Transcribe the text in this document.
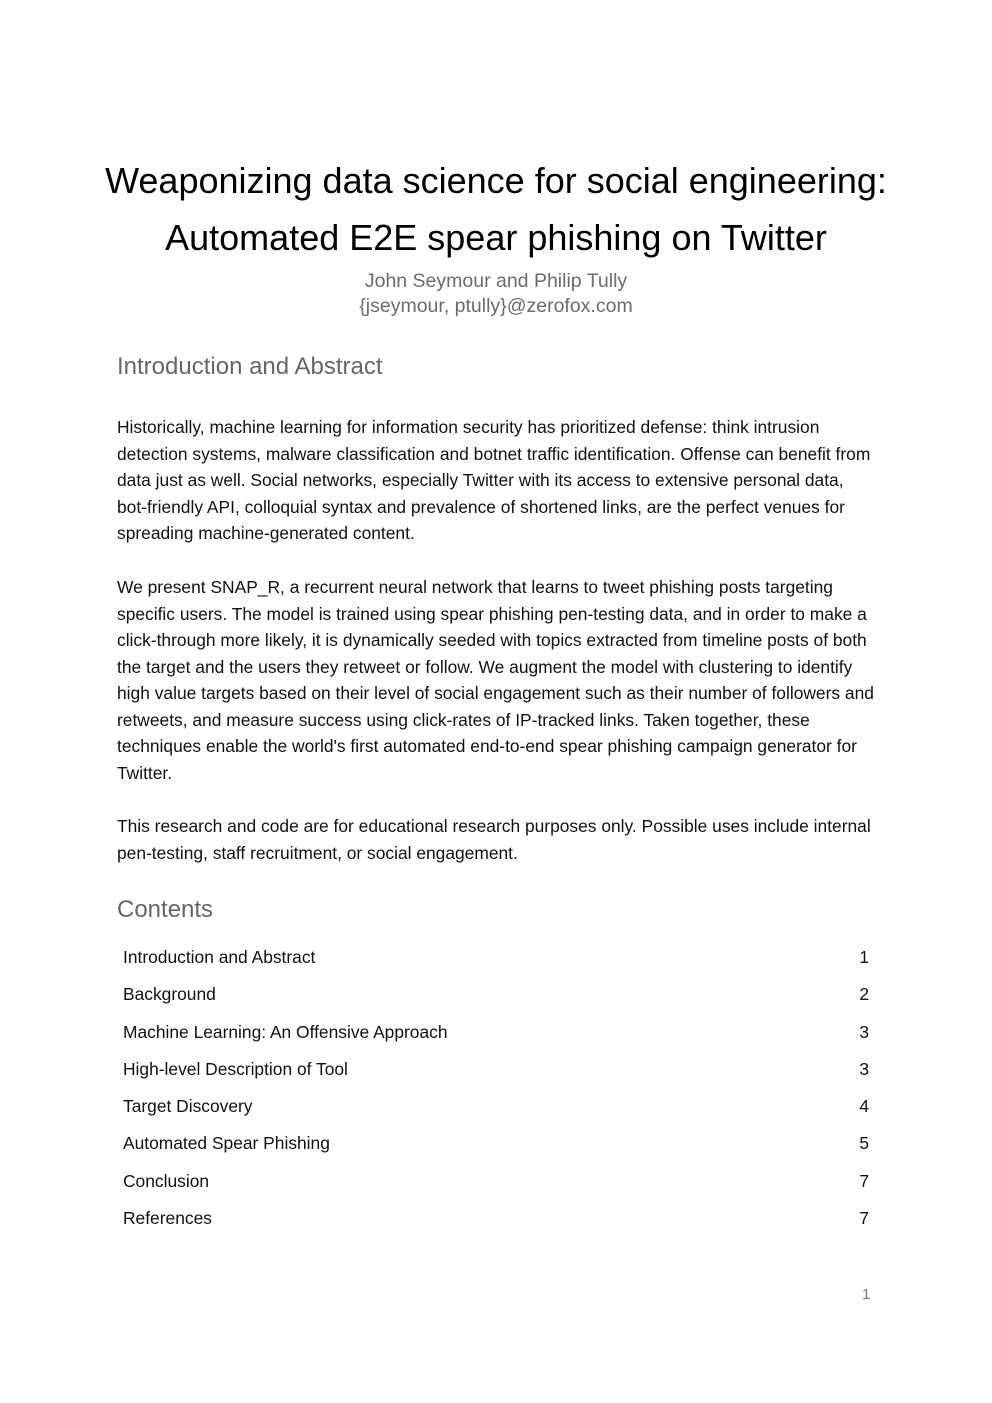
Weaponizing data science for social engineering:
Automated E2E spear phishing on Twitter
John Seymour and Philip Tully
{jseymour, ptully}@zerofox.com
Introduction and Abstract

Historically, machine learning for information security has prioritized defense: think intrusion detection systems, malware classification and botnet traffic identification. Offense can benefit from data just as well. Social networks, especially Twitter with its access to extensive personal data, bot-friendly API, colloquial syntax and prevalence of shortened links, are the perfect venues for spreading machine-generated content.

We present SNAP_R, a recurrent neural network that learns to tweet phishing posts targeting specific users. The model is trained using spear phishing pen-testing data, and in order to make a click-through more likely, it is dynamically seeded with topics extracted from timeline posts of both the target and the users they retweet or follow. We augment the model with clustering to identify high value targets based on their level of social engagement such as their number of followers and retweets, and measure success using click-rates of IP-tracked links. Taken together, these techniques enable the world's first automated end-to-end spear phishing campaign generator for Twitter.

This research and code are for educational research purposes only. Possible uses include internal pen-testing, staff recruitment, or social engagement.

Contents
Introduction and Abstract	1
Background	2
Machine Learning: An Offensive Approach	3
High-level Description of Tool	3
Target Discovery	4
Automated Spear Phishing	5
Conclusion	7
References	7
1
